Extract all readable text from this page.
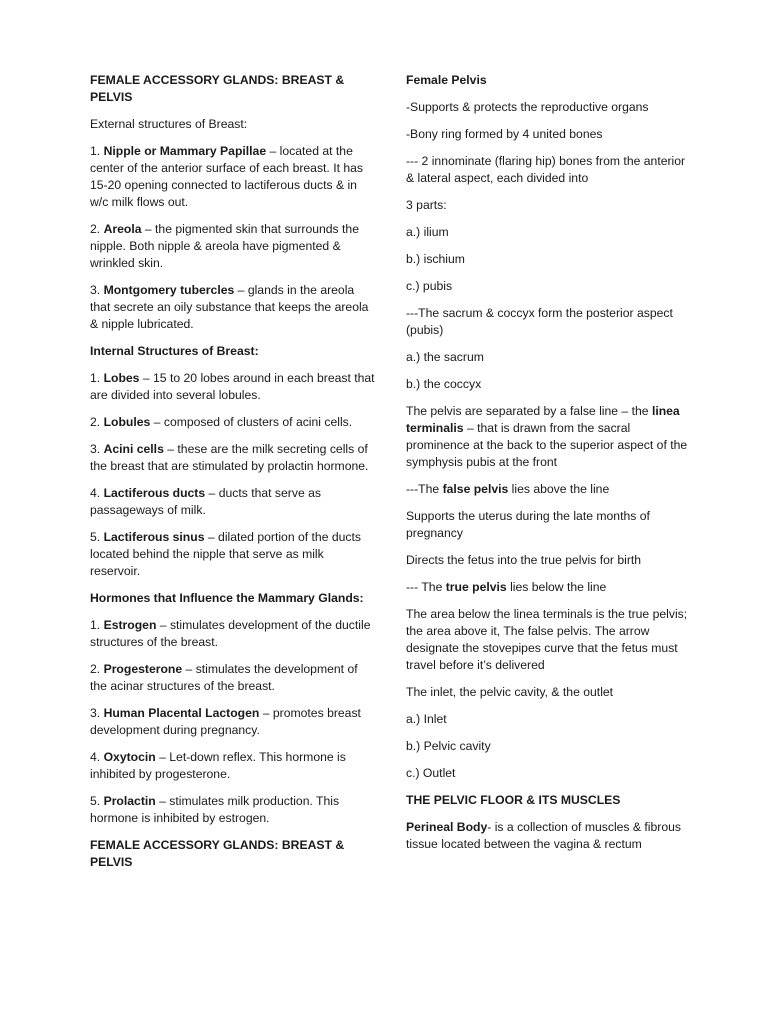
FEMALE ACCESSORY GLANDS: BREAST & PELVIS

External structures of Breast:

1. Nipple or Mammary Papillae – located at the center of the anterior surface of each breast. It has 15-20 opening connected to lactiferous ducts & in w/c milk flows out.

2. Areola – the pigmented skin that surrounds the nipple. Both nipple & areola have pigmented & wrinkled skin.

3. Montgomery tubercles – glands in the areola that secrete an oily substance that keeps the areola & nipple lubricated.

Internal Structures of Breast:

1. Lobes – 15 to 20 lobes around in each breast that are divided into several lobules.

2. Lobules – composed of clusters of acini cells.

3. Acini cells – these are the milk secreting cells of the breast that are stimulated by prolactin hormone.

4. Lactiferous ducts – ducts that serve as passageways of milk.

5. Lactiferous sinus – dilated portion of the ducts located behind the nipple that serve as milk reservoir.

Hormones that Influence the Mammary Glands:

1. Estrogen – stimulates development of the ductile structures of the breast.

2. Progesterone – stimulates the development of the acinar structures of the breast.

3. Human Placental Lactogen – promotes breast development during pregnancy.

4. Oxytocin – Let-down reflex. This hormone is inhibited by progesterone.

5. Prolactin – stimulates milk production. This hormone is inhibited by estrogen.

FEMALE ACCESSORY GLANDS: BREAST & PELVIS

Female Pelvis

-Supports & protects the reproductive organs

-Bony ring formed by 4 united bones

--- 2 innominate (flaring hip) bones from the anterior & lateral aspect, each divided into

3 parts:

a.) ilium

b.) ischium

c.) pubis

---The sacrum & coccyx form the posterior aspect (pubis)

a.) the sacrum

b.) the coccyx

The pelvis are separated by a false line – the linea terminalis – that is drawn from the sacral prominence at the back to the superior aspect of the symphysis pubis at the front

---The false pelvis lies above the line

Supports the uterus during the late months of pregnancy

Directs the fetus into the true pelvis for birth

--- The true pelvis lies below the line

The area below the linea terminals is the true pelvis; the area above it, The false pelvis. The arrow designate the stovepipes curve that the fetus must travel before it’s delivered

The inlet, the pelvic cavity, & the outlet

a.) Inlet

b.) Pelvic cavity

c.) Outlet

THE PELVIC FLOOR & ITS MUSCLES

Perineal Body- is a collection of muscles & fibrous tissue located between the vagina & rectum
